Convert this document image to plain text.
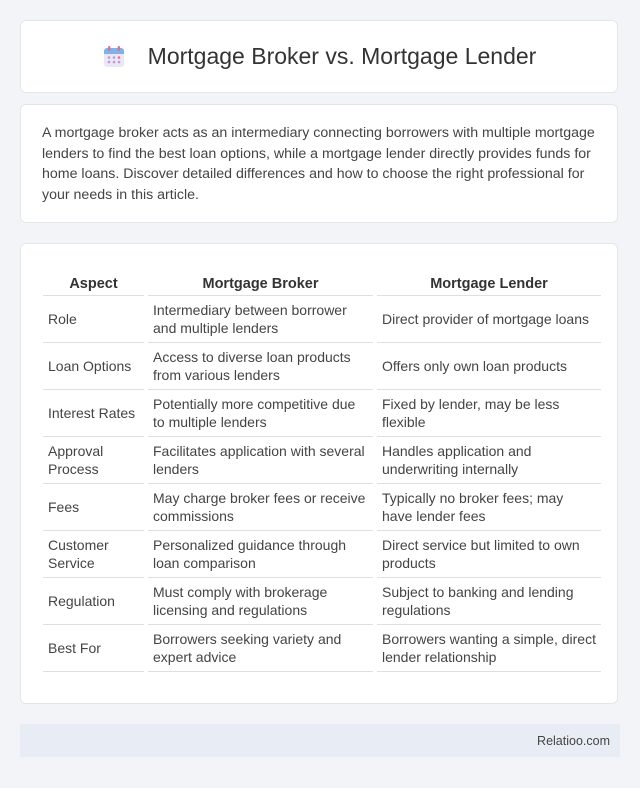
Mortgage Broker vs. Mortgage Lender

A mortgage broker acts as an intermediary connecting borrowers with multiple mortgage lenders to find the best loan options, while a mortgage lender directly provides funds for home loans. Discover detailed differences and how to choose the right professional for your needs in this article.

Aspect	Mortgage Broker	Mortgage Lender
Role	Intermediary between borrower and multiple lenders	Direct provider of mortgage loans
Loan Options	Access to diverse loan products from various lenders	Offers only own loan products
Interest Rates	Potentially more competitive due to multiple lenders	Fixed by lender, may be less flexible
Approval Process	Facilitates application with several lenders	Handles application and underwriting internally
Fees	May charge broker fees or receive commissions	Typically no broker fees; may have lender fees
Customer Service	Personalized guidance through loan comparison	Direct service but limited to own products
Regulation	Must comply with brokerage licensing and regulations	Subject to banking and lending regulations
Best For	Borrowers seeking variety and expert advice	Borrowers wanting a simple, direct lender relationship
Relatioo.com
